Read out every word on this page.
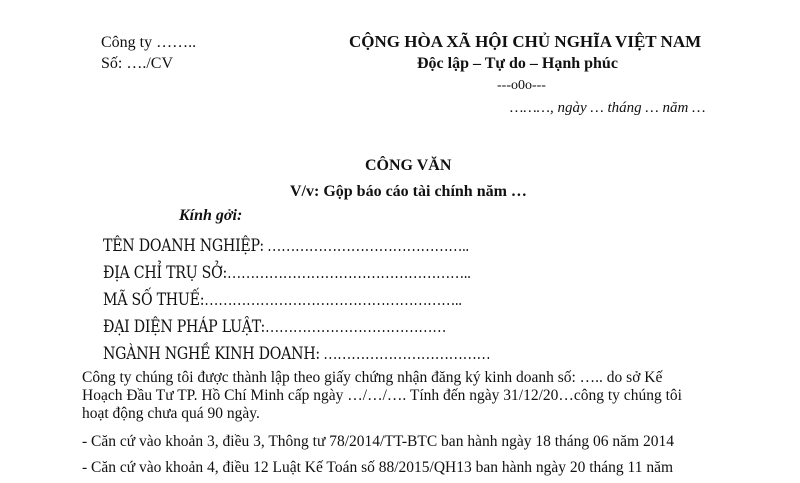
Công ty ……..
Số: …./CV
CỘNG HÒA XÃ HỘI CHỦ NGHĨA VIỆT NAM
Độc lập – Tự do – Hạnh phúc
---o0o---
………, ngày … tháng … năm …
CÔNG VĂN
V/v: Gộp báo cáo tài chính năm …
Kính gởi:
TÊN DOANH NGHIỆP: ……………………………………..
ĐỊA CHỈ TRỤ SỞ:……………………………………………..
MÃ SỐ THUẾ:………………………………………………..
ĐẠI DIỆN PHÁP LUẬT:…………………………………
NGÀNH NGHỀ KINH DOANH: ………………………………
Công ty chúng tôi được thành lập theo giấy chứng nhận đăng ký kinh doanh số: ….. do sở Kế
Hoạch Đầu Tư TP. Hồ Chí Minh cấp ngày …/…/…. Tính đến ngày 31/12/20…công ty chúng tôi
hoạt động chưa quá 90 ngày.
- Căn cứ vào khoản 3, điều 3, Thông tư 78/2014/TT-BTC ban hành ngày 18 tháng 06 năm 2014
- Căn cứ vào khoản 4, điều 12 Luật Kế Toán số 88/2015/QH13 ban hành ngày 20 tháng 11 năm
